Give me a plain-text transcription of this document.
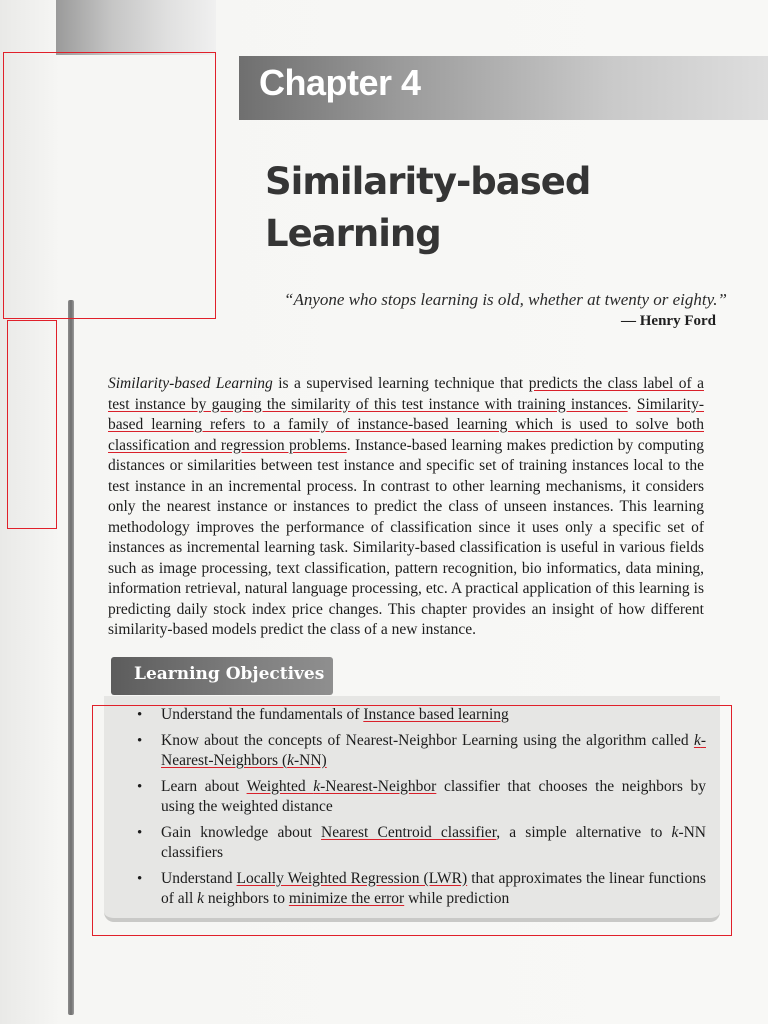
Chapter 4
Similarity-based
Learning
“Anyone who stops learning is old, whether at twenty or eighty.”
— Henry Ford

Similarity-based Learning is a supervised learning technique that predicts the class label of a test instance by gauging the similarity of this test instance with training instances. Similarity-based learning refers to a family of instance-based learning which is used to solve both classification and regression problems. Instance-based learning makes prediction by computing distances or similarities between test instance and specific set of training instances local to the test instance in an incremental process. In contrast to other learning mechanisms, it considers only the nearest instance or instances to predict the class of unseen instances. This learning methodology improves the performance of classification since it uses only a specific set of instances as incremental learning task. Similarity-based classification is useful in various fields such as image processing, text classification, pattern recognition, bio informatics, data mining, information retrieval, natural language processing, etc. A practical application of this learning is predicting daily stock index price changes. This chapter provides an insight of how different similarity-based models predict the class of a new instance.

Learning Objectives
• Understand the fundamentals of Instance based learning
• Know about the concepts of Nearest-Neighbor Learning using the algorithm called k-Nearest-Neighbors (k-NN)
• Learn about Weighted k-Nearest-Neighbor classifier that chooses the neighbors by using the weighted distance
• Gain knowledge about Nearest Centroid classifier, a simple alternative to k-NN classifiers
• Understand Locally Weighted Regression (LWR) that approximates the linear functions of all k neighbors to minimize the error while prediction
